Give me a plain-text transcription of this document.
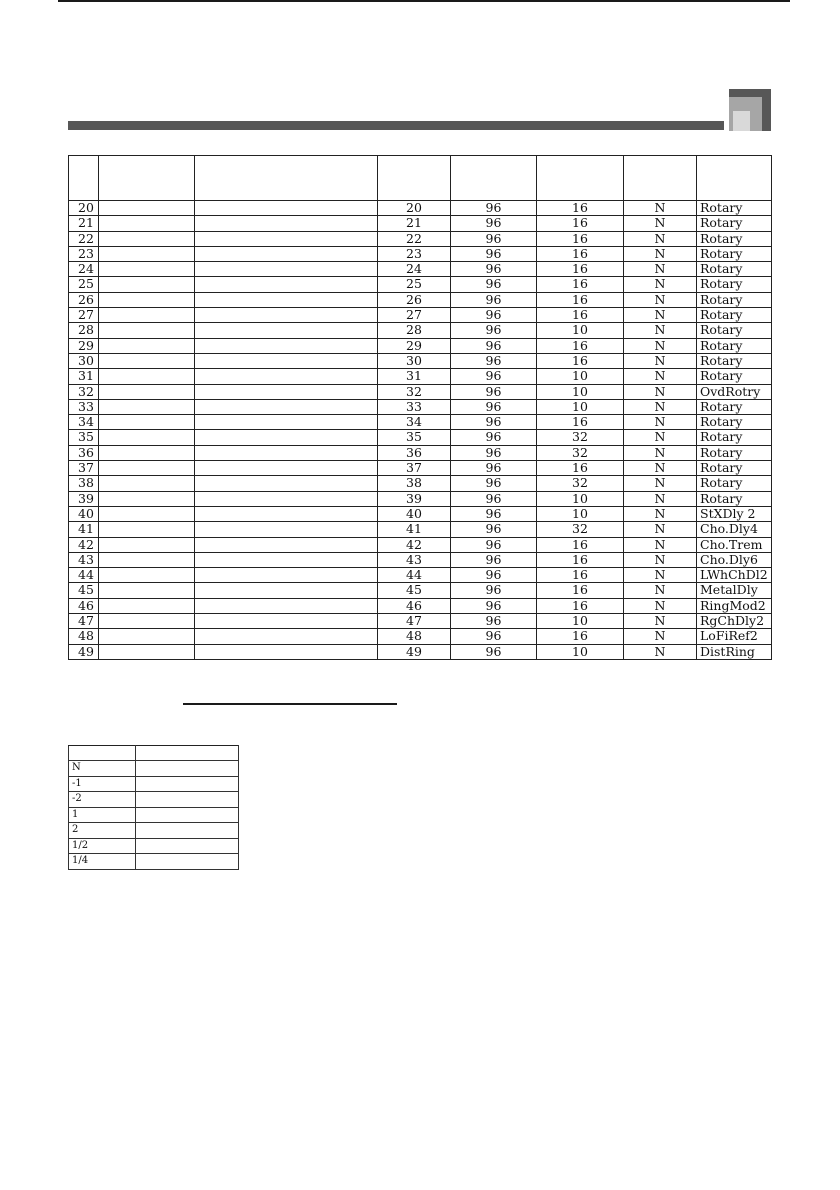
20			20	96	16	N	Rotary
21			21	96	16	N	Rotary
22			22	96	16	N	Rotary
23			23	96	16	N	Rotary
24			24	96	16	N	Rotary
25			25	96	16	N	Rotary
26			26	96	16	N	Rotary
27			27	96	16	N	Rotary
28			28	96	10	N	Rotary
29			29	96	16	N	Rotary
30			30	96	16	N	Rotary
31			31	96	10	N	Rotary
32			32	96	10	N	OvdRotry
33			33	96	10	N	Rotary
34			34	96	16	N	Rotary
35			35	96	32	N	Rotary
36			36	96	32	N	Rotary
37			37	96	16	N	Rotary
38			38	96	32	N	Rotary
39			39	96	10	N	Rotary
40			40	96	10	N	StXDly 2
41			41	96	32	N	Cho.Dly4
42			42	96	16	N	Cho.Trem
43			43	96	16	N	Cho.Dly6
44			44	96	16	N	LWhChDl2
45			45	96	16	N	MetalDly
46			46	96	16	N	RingMod2
47			47	96	10	N	RgChDly2
48			48	96	16	N	LoFiRef2
49			49	96	10	N	DistRing

N	
-1	
-2	
1	
2	
1/2	
1/4	
